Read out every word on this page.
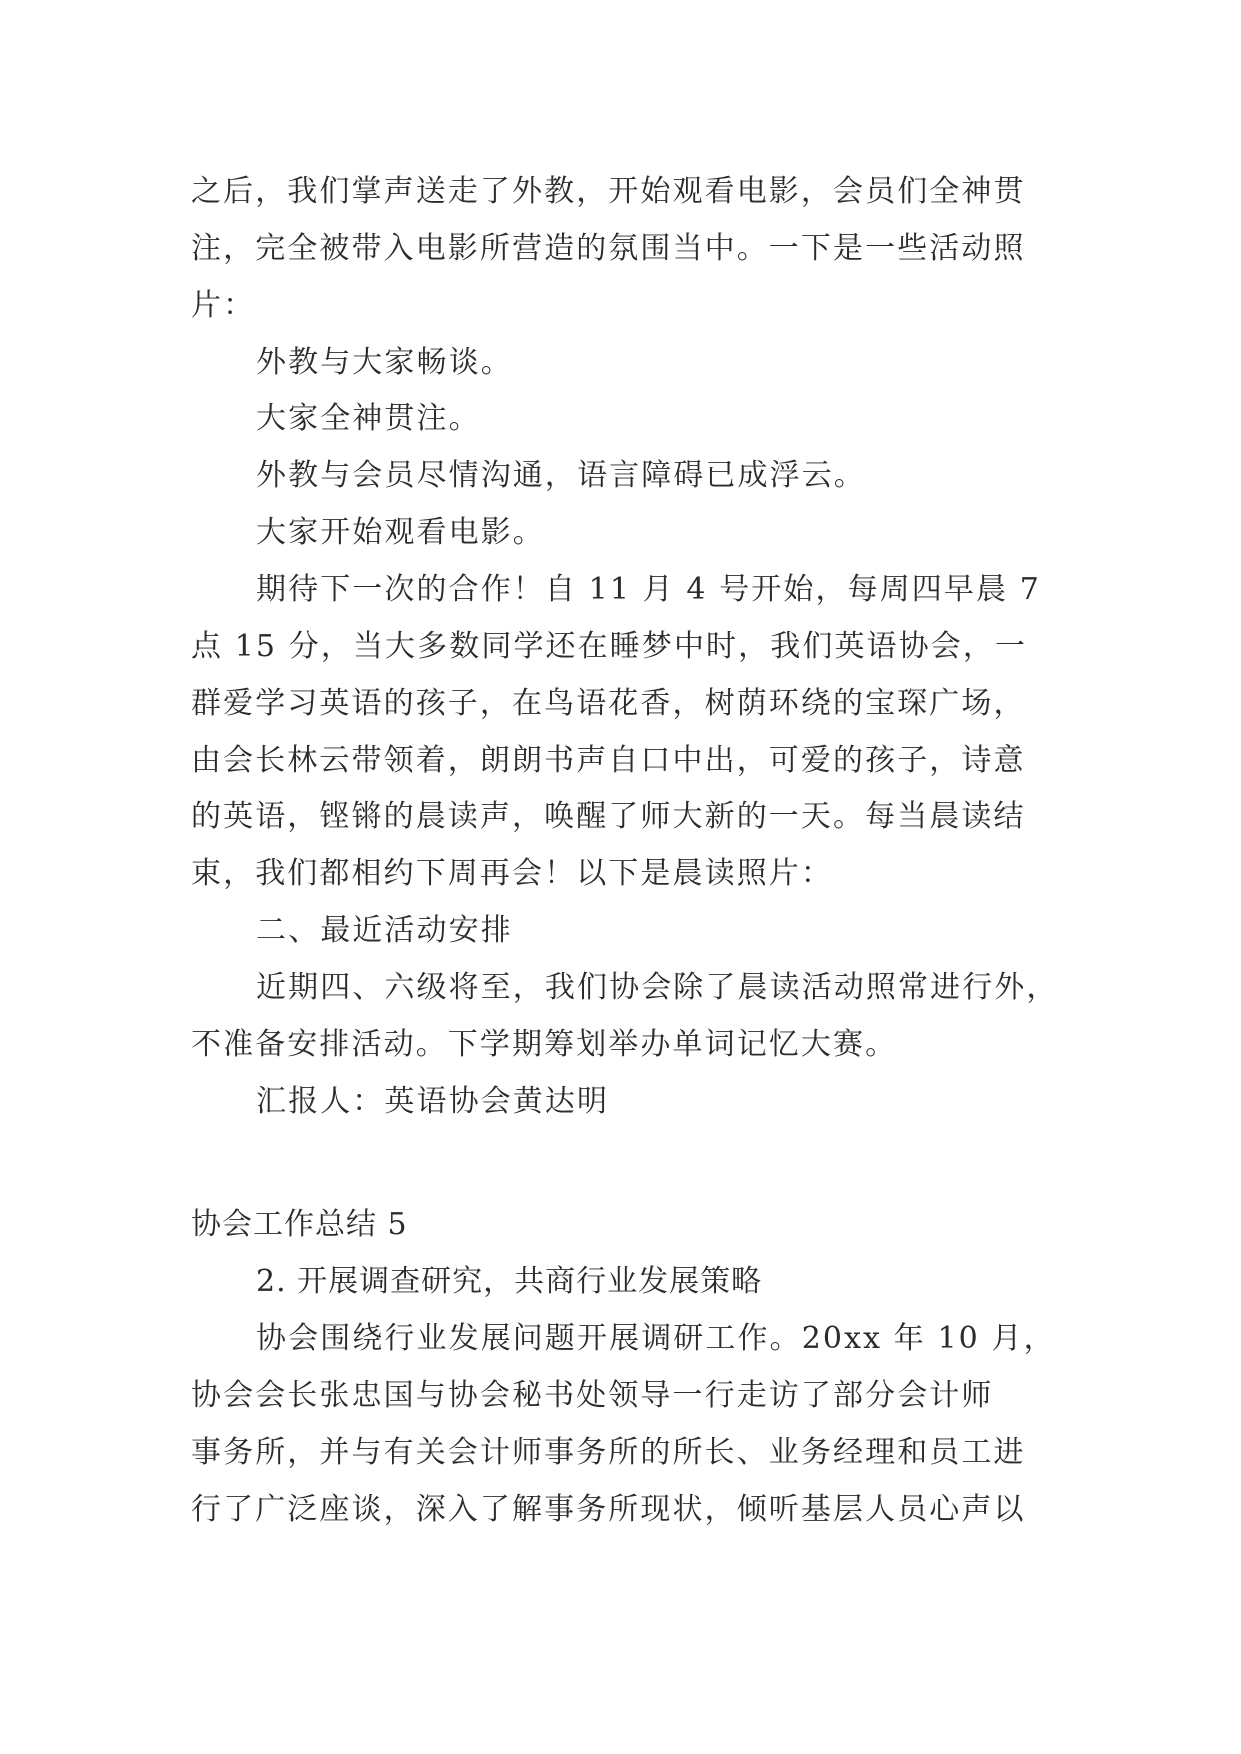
之后，我们掌声送走了外教，开始观看电影，会员们全神贯
注，完全被带入电影所营造的氛围当中。一下是一些活动照
片：
外教与大家畅谈。
大家全神贯注。
外教与会员尽情沟通，语言障碍已成浮云。
大家开始观看电影。
期待下一次的合作！自 11 月 4 号开始，每周四早晨 7
点 15 分，当大多数同学还在睡梦中时，我们英语协会，一
群爱学习英语的孩子，在鸟语花香，树荫环绕的宝琛广场，
由会长林云带领着，朗朗书声自口中出，可爱的孩子，诗意
的英语，铿锵的晨读声，唤醒了师大新的一天。每当晨读结
束，我们都相约下周再会！以下是晨读照片：
二、最近活动安排
近期四、六级将至，我们协会除了晨读活动照常进行外，
不准备安排活动。下学期筹划举办单词记忆大赛。
汇报人：英语协会黄达明
协会工作总结 5
2. 开展调查研究，共商行业发展策略
协会围绕行业发展问题开展调研工作。20xx 年 10 月，
协会会长张忠国与协会秘书处领导一行走访了部分会计师
事务所，并与有关会计师事务所的所长、业务经理和员工进
行了广泛座谈，深入了解事务所现状，倾听基层人员心声以
